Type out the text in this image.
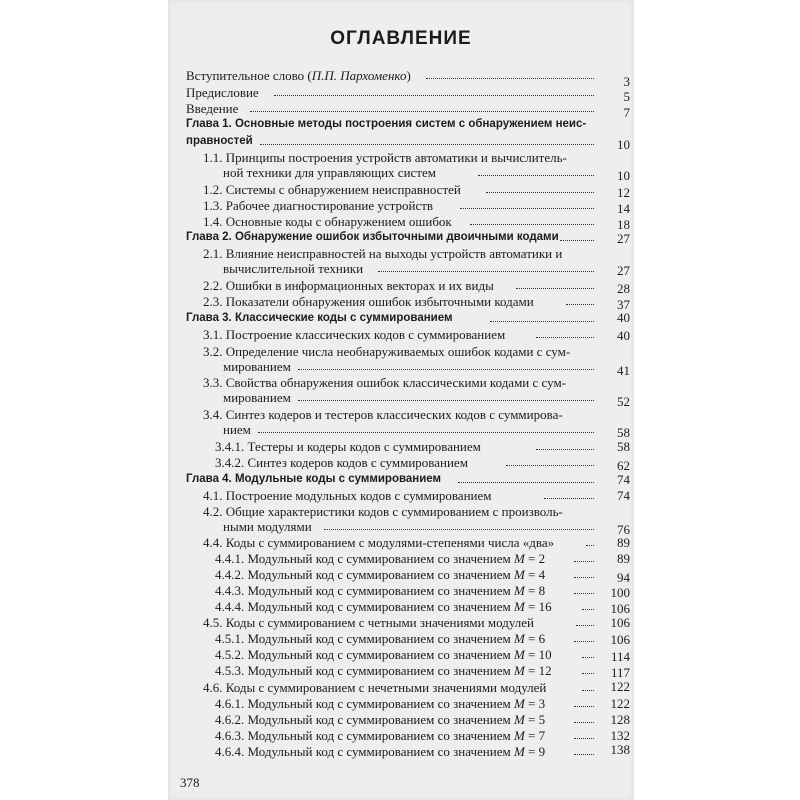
ОГЛАВЛЕНИЕ
Вступительное слово (П.П. Пархоменко)	3
Предисловие	5
Введение	7
Глава 1. Основные методы построения систем с обнаружением неис-
правностей	10
1.1. Принципы построения устройств автоматики и вычислитель-
ной техники для управляющих систем	10
1.2. Системы с обнаружением неисправностей	12
1.3. Рабочее диагностирование устройств	14
1.4. Основные коды с обнаружением ошибок	18
Глава 2. Обнаружение ошибок избыточными двоичными кодами	27
2.1. Влияние неисправностей на выходы устройств автоматики и
вычислительной техники	27
2.2. Ошибки в информационных векторах и их виды	28
2.3. Показатели обнаружения ошибок избыточными кодами	37
Глава 3. Классические коды с суммированием	40
3.1. Построение классических кодов с суммированием	40
3.2. Определение числа необнаруживаемых ошибок кодами с сум-
мированием	41
3.3. Свойства обнаружения ошибок классическими кодами с сум-
мированием	52
3.4. Синтез кодеров и тестеров классических кодов с суммирова-
нием	58
3.4.1. Тестеры и кодеры кодов с суммированием	58
3.4.2. Синтез кодеров кодов с суммированием	62
Глава 4. Модульные коды с суммированием	74
4.1. Построение модульных кодов с суммированием	74
4.2. Общие характеристики кодов с суммированием с произволь-
ными модулями	76
4.4. Коды с суммированием с модулями-степенями числа «два»	89
4.4.1. Модульный код с суммированием со значением M = 2	89
4.4.2. Модульный код с суммированием со значением M = 4	94
4.4.3. Модульный код с суммированием со значением M = 8	100
4.4.4. Модульный код с суммированием со значением M = 16	106
4.5. Коды с суммированием с четными значениями модулей	106
4.5.1. Модульный код с суммированием со значением M = 6	106
4.5.2. Модульный код с суммированием со значением M = 10	114
4.5.3. Модульный код с суммированием со значением M = 12	117
4.6. Коды с суммированием с нечетными значениями модулей	122
4.6.1. Модульный код с суммированием со значением M = 3	122
4.6.2. Модульный код с суммированием со значением M = 5	128
4.6.3. Модульный код с суммированием со значением M = 7	132
4.6.4. Модульный код с суммированием со значением M = 9	138
378
